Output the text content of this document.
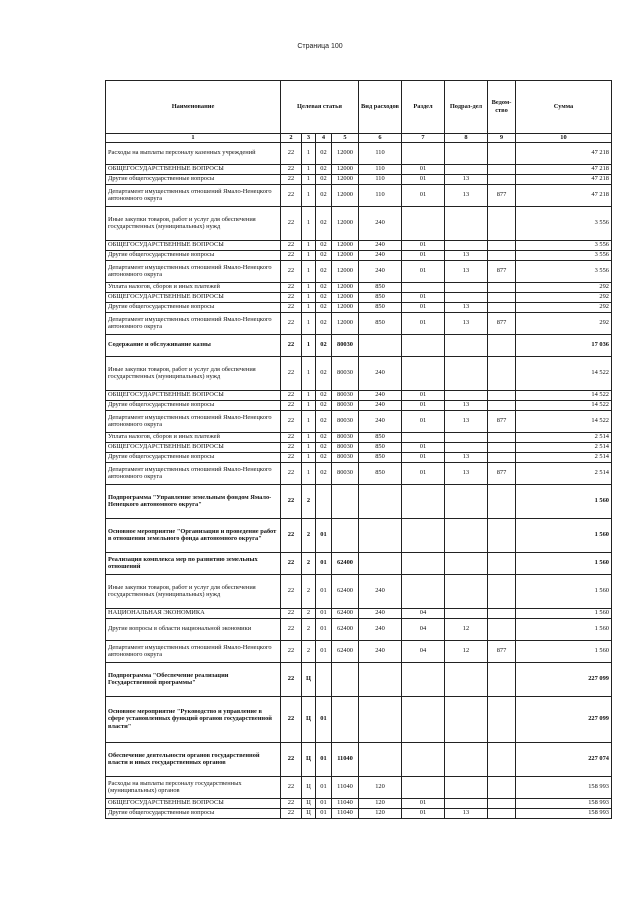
Страница 100
Наименование	Целевая статья				Вид расходов	Раздел	Подраз-дел	Ведом-ство	Сумма
1	2	3	4	5	6	7	8	9	10
Расходы на выплаты персоналу казенных учреждений	22	1	02	12000	110				47 218
ОБЩЕГОСУДАРСТВЕННЫЕ ВОПРОСЫ	22	1	02	12000	110	01			47 218
Другие общегосударственные вопросы	22	1	02	12000	110	01	13		47 218
Департамент имущественных отношений Ямало-Ненецкого автономного округа	22	1	02	12000	110	01	13	877	47 218
Иные закупки товаров, работ и услуг для обеспечения государственных (муниципальных) нужд	22	1	02	12000	240				3 556
ОБЩЕГОСУДАРСТВЕННЫЕ ВОПРОСЫ	22	1	02	12000	240	01			3 556
Другие общегосударственные вопросы	22	1	02	12000	240	01	13		3 556
Департамент имущественных отношений Ямало-Ненецкого автономного округа	22	1	02	12000	240	01	13	877	3 556
Уплата налогов, сборов и иных платежей	22	1	02	12000	850				292
ОБЩЕГОСУДАРСТВЕННЫЕ ВОПРОСЫ	22	1	02	12000	850	01			292
Другие общегосударственные вопросы	22	1	02	12000	850	01	13		292
Департамент имущественных отношений Ямало-Ненецкого автономного округа	22	1	02	12000	850	01	13	877	292
Содержание и обслуживание казны	22	1	02	80030					17 036
Иные закупки товаров, работ и услуг для обеспечения государственных (муниципальных) нужд	22	1	02	80030	240				14 522
ОБЩЕГОСУДАРСТВЕННЫЕ ВОПРОСЫ	22	1	02	80030	240	01			14 522
Другие общегосударственные вопросы	22	1	02	80030	240	01	13		14 522
Департамент имущественных отношений Ямало-Ненецкого автономного округа	22	1	02	80030	240	01	13	877	14 522
Уплата налогов, сборов и иных платежей	22	1	02	80030	850				2 514
ОБЩЕГОСУДАРСТВЕННЫЕ ВОПРОСЫ	22	1	02	80030	850	01			2 514
Другие общегосударственные вопросы	22	1	02	80030	850	01	13		2 514
Департамент имущественных отношений Ямало-Ненецкого автономного округа	22	1	02	80030	850	01	13	877	2 514
Подпрограмма "Управление земельным фондом Ямало-Ненецкого автономного округа"	22	2							1 560
Основное мероприятие "Организация и проведение работ в отношении земельного фонда автономного округа"	22	2	01						1 560
Реализация комплекса мер по развитию земельных отношений	22	2	01	62400					1 560
Иные закупки товаров, работ и услуг для обеспечения государственных (муниципальных) нужд	22	2	01	62400	240				1 560
НАЦИОНАЛЬНАЯ ЭКОНОМИКА	22	2	01	62400	240	04			1 560
Другие вопросы в области национальной экономики	22	2	01	62400	240	04	12		1 560
Департамент имущественных отношений Ямало-Ненецкого автономного округа	22	2	01	62400	240	04	12	877	1 560
Подпрограмма "Обеспечение реализации Государственной программы"	22	Ц							227 099
Основное мероприятие "Руководство и управление в сфере установленных функций органов государственной власти"	22	Ц	01						227 099
Обеспечение деятельности органов государственной власти и иных государственных органов	22	Ц	01	11040					227 074
Расходы на выплаты персоналу государственных (муниципальных) органов	22	Ц	01	11040	120				158 993
ОБЩЕГОСУДАРСТВЕННЫЕ ВОПРОСЫ	22	Ц	01	11040	120	01			158 993
Другие общегосударственные вопросы	22	Ц	01	11040	120	01	13		158 993
